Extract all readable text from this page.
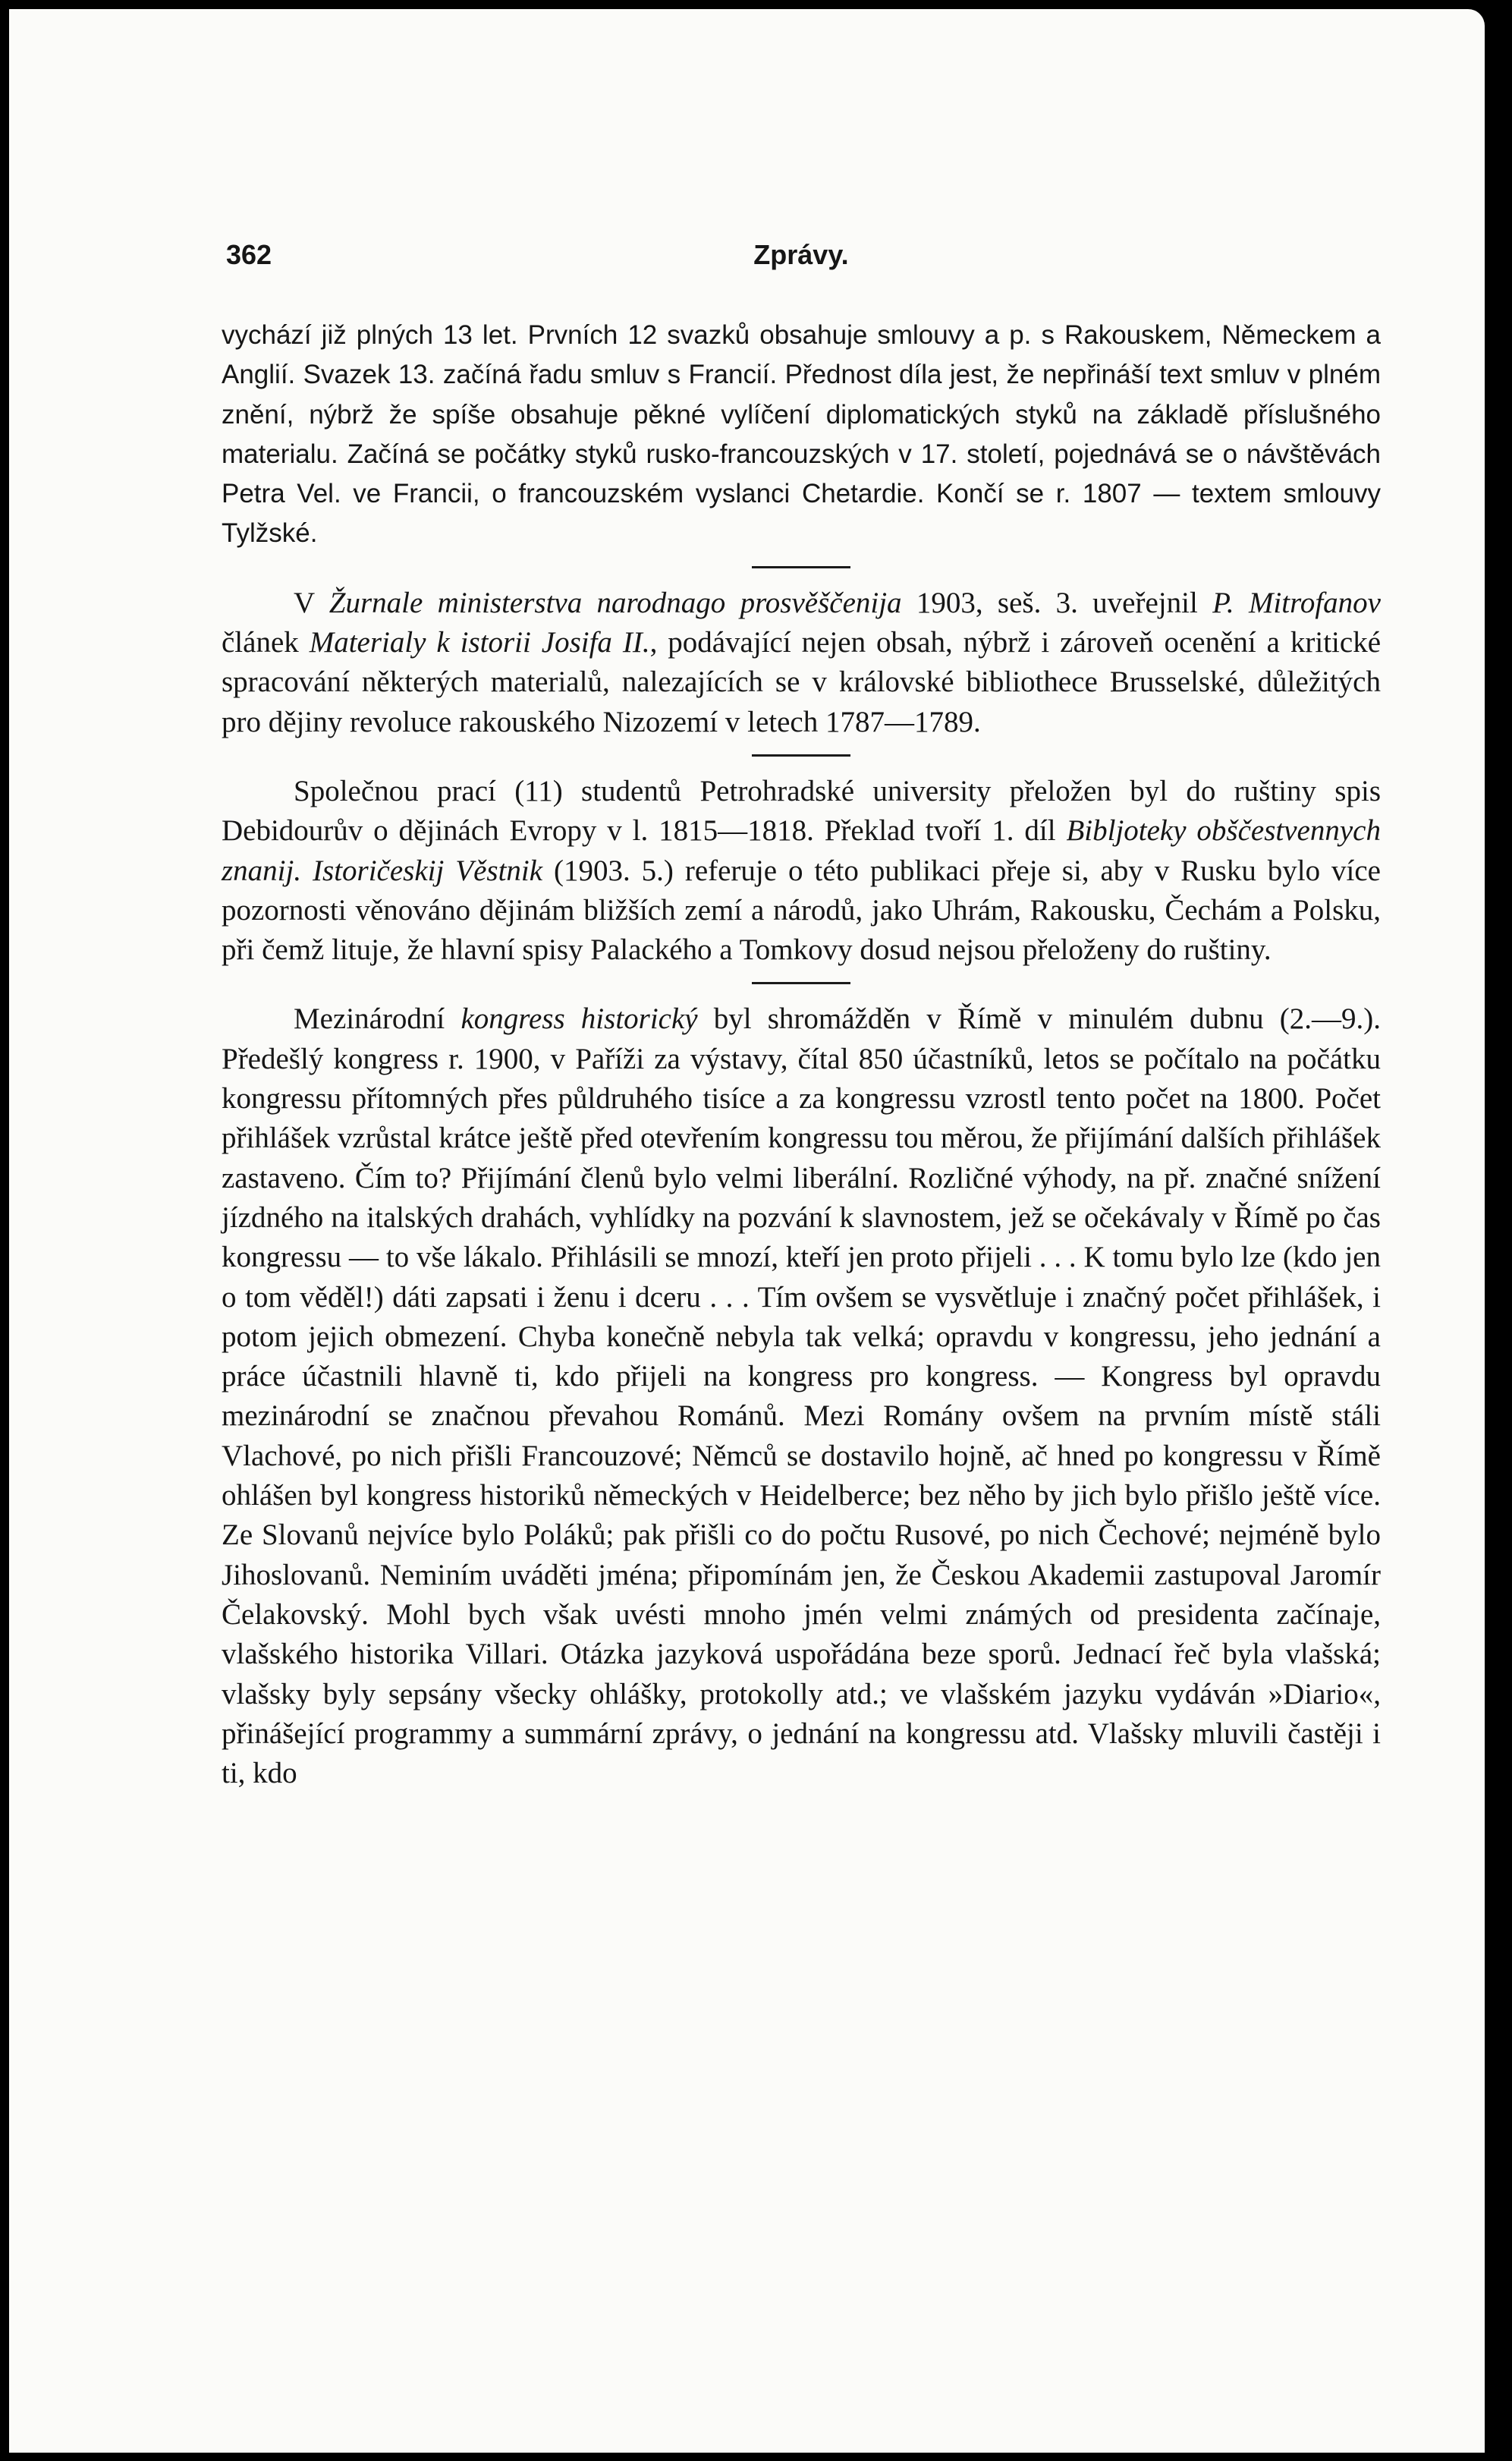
362	Zprávy.

vychází již plných 13 let. Prvních 12 svazků obsahuje smlouvy a p. s Rakouskem, Německem a Anglií. Svazek 13. začíná řadu smluv s Francií. Přednost díla jest, že nepřináší text smluv v plném znění, nýbrž že spíše obsahuje pěkné vylíčení diplomatických styků na základě příslušného materialu. Začíná se počátky styků rusko-francouzských v 17. století, pojednává se o návštěvách Petra Vel. ve Francii, o francouzském vyslanci Chetardie. Končí se r. 1807 — textem smlouvy Tylžské.

V Žurnale ministerstva narodnago prosvěščenija 1903, seš. 3. uveřejnil P. Mitrofanov článek Materialy k istorii Josifa II., podávající nejen obsah, nýbrž i zároveň ocenění a kritické spracování některých materialů, nalezajících se v královské bibliothece Brusselské, důležitých pro dějiny revoluce rakouského Nizozemí v letech 1787—1789.

Společnou prací (11) studentů Petrohradské university přeložen byl do ruštiny spis Debidourův o dějinách Evropy v l. 1815—1818. Překlad tvoří 1. díl Bibljoteky obščestvennych znanij. Istoričeskij Věstnik (1903. 5.) referuje o této publikaci přeje si, aby v Rusku bylo více pozornosti věnováno dějinám bližších zemí a národů, jako Uhrám, Rakousku, Čechám a Polsku, při čemž lituje, že hlavní spisy Palackého a Tomkovy dosud nejsou přeloženy do ruštiny.

Mezinárodní kongress historický byl shromážděn v Římě v minulém dubnu (2.—9.). Předešlý kongress r. 1900, v Paříži za výstavy, čítal 850 účastníků, letos se počítalo na počátku kongressu přítomných přes půldruhého tisíce a za kongressu vzrostl tento počet na 1800. Počet přihlášek vzrůstal krátce ještě před otevřením kongressu tou měrou, že přijímání dalších přihlášek zastaveno. Čím to? Přijímání členů bylo velmi liberální. Rozličné výhody, na př. značné snížení jízdného na italských drahách, vyhlídky na pozvání k slavnostem, jež se očekávaly v Římě po čas kongressu — to vše lákalo. Přihlásili se mnozí, kteří jen proto přijeli . . . K tomu bylo lze (kdo jen o tom věděl!) dáti zapsati i ženu i dceru . . . Tím ovšem se vysvětluje i značný počet přihlášek, i potom jejich obmezení. Chyba konečně nebyla tak velká; opravdu v kongressu, jeho jednání a práce účastnili hlavně ti, kdo přijeli na kongress pro kongress. — Kongress byl opravdu mezinárodní se značnou převahou Románů. Mezi Romány ovšem na prvním místě stáli Vlachové, po nich přišli Francouzové; Němců se dostavilo hojně, ač hned po kongressu v Římě ohlášen byl kongress historiků německých v Heidelberce; bez něho by jich bylo přišlo ještě více. Ze Slovanů nejvíce bylo Poláků; pak přišli co do počtu Rusové, po nich Čechové; nejméně bylo Jihoslovanů. Neminím uváděti jména; připomínám jen, že Českou Akademii zastupoval Jaromír Čelakovský. Mohl bych však uvésti mnoho jmén velmi známých od presidenta začínaje, vlašského historika Villari. Otázka jazyková uspořádána beze sporů. Jednací řeč byla vlašská; vlašsky byly sepsány všecky ohlášky, protokolly atd.; ve vlašském jazyku vydáván »Diario«, přinášející programmy a summární zprávy, o jednání na kongressu atd. Vlašsky mluvili častěji i ti, kdo
